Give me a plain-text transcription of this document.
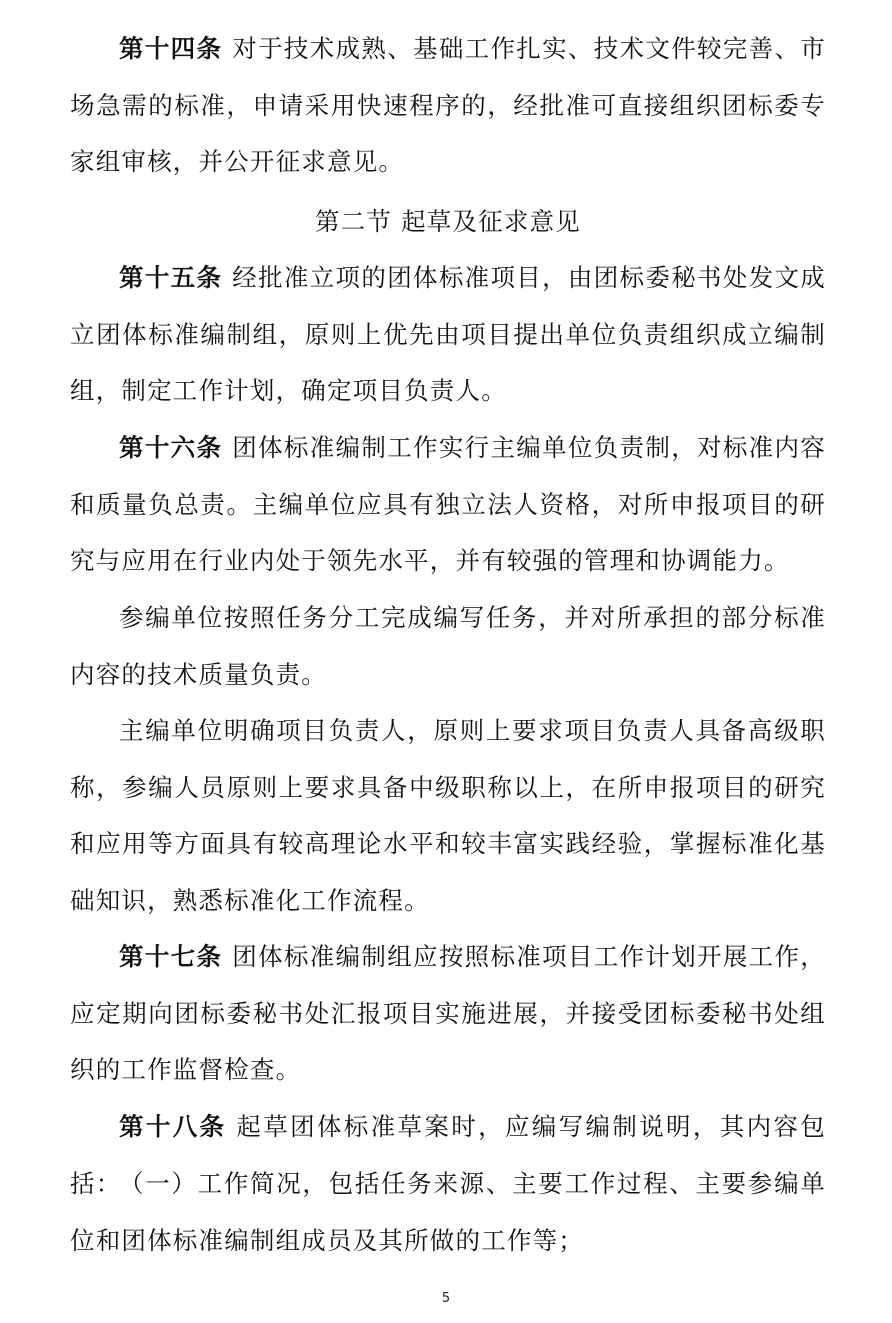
第十四条 对于技术成熟、基础工作扎实、技术文件较完善、市场急需的标准，申请采用快速程序的，经批准可直接组织团标委专家组审核，并公开征求意见。

第二节 起草及征求意见

第十五条 经批准立项的团体标准项目，由团标委秘书处发文成立团体标准编制组，原则上优先由项目提出单位负责组织成立编制组，制定工作计划，确定项目负责人。

第十六条 团体标准编制工作实行主编单位负责制，对标准内容和质量负总责。主编单位应具有独立法人资格，对所申报项目的研究与应用在行业内处于领先水平，并有较强的管理和协调能力。

参编单位按照任务分工完成编写任务，并对所承担的部分标准内容的技术质量负责。

主编单位明确项目负责人，原则上要求项目负责人具备高级职称，参编人员原则上要求具备中级职称以上，在所申报项目的研究和应用等方面具有较高理论水平和较丰富实践经验，掌握标准化基础知识，熟悉标准化工作流程。

第十七条 团体标准编制组应按照标准项目工作计划开展工作，应定期向团标委秘书处汇报项目实施进展，并接受团标委秘书处组织的工作监督检查。

第十八条 起草团体标准草案时，应编写编制说明，其内容包括：

（一）工作简况，包括任务来源、主要工作过程、主要参编单位和团体标准编制组成员及其所做的工作等；

5
